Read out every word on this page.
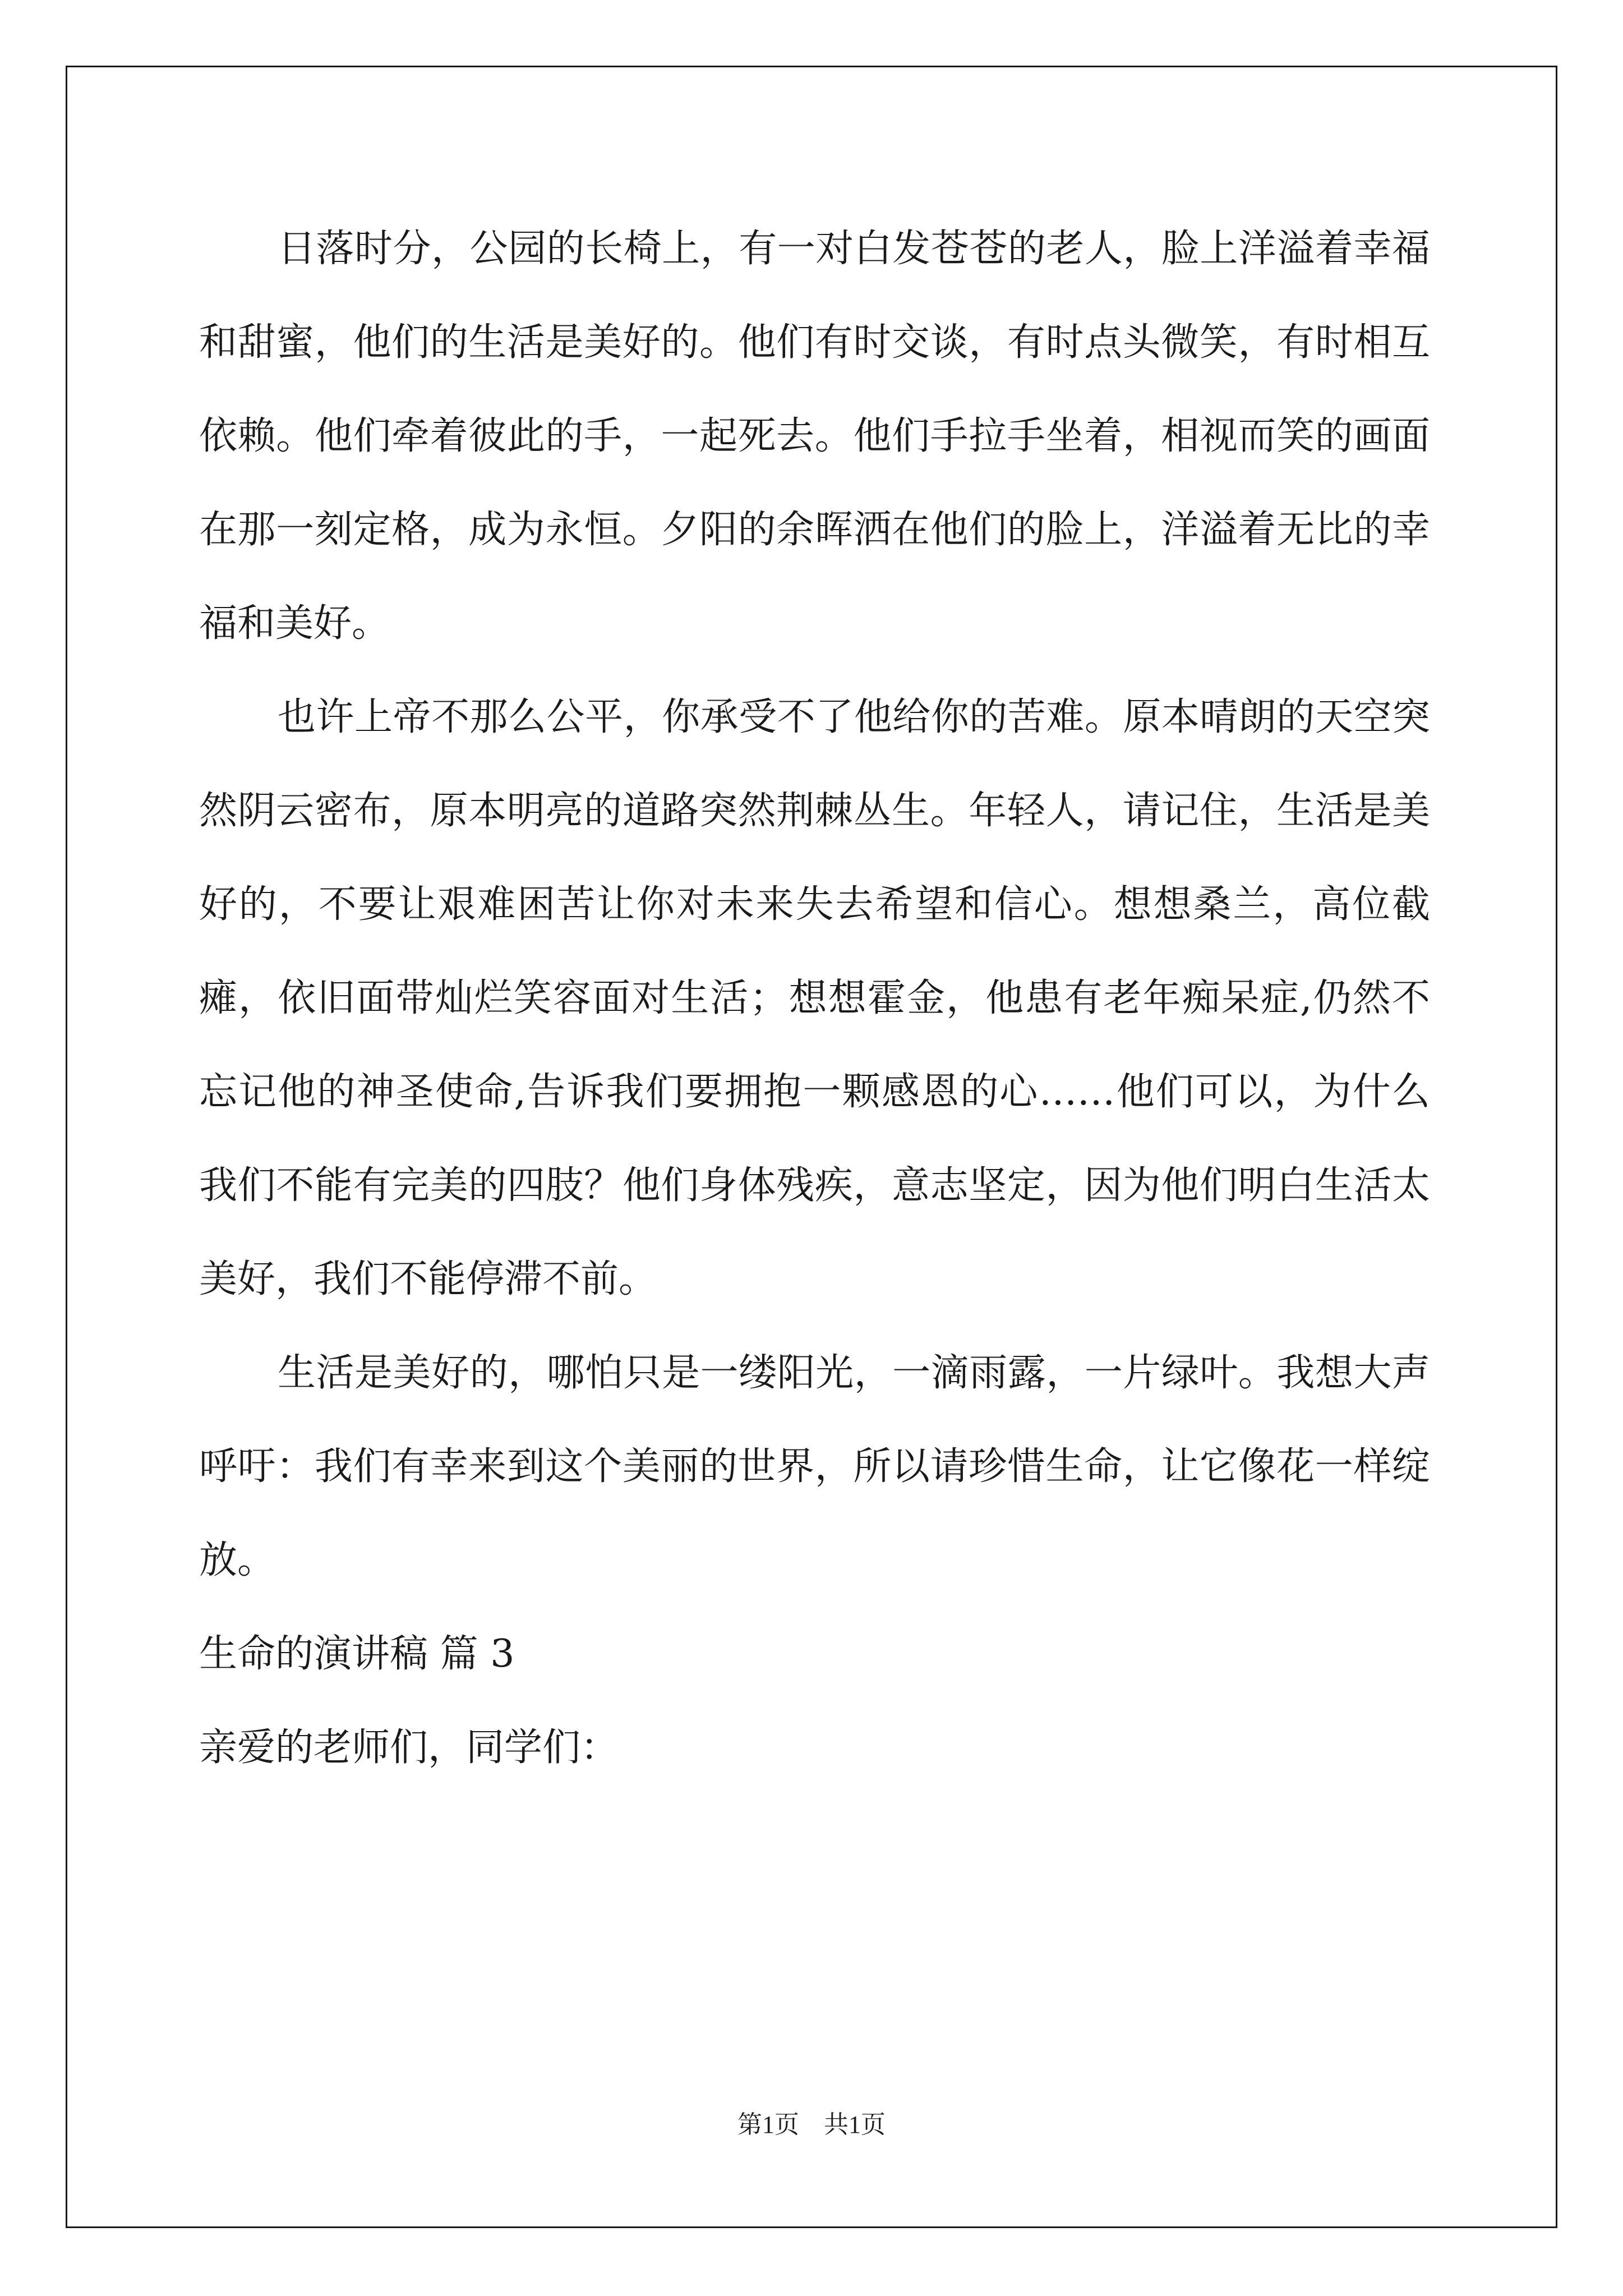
日落时分，公园的长椅上，有一对白发苍苍的老人，脸上洋溢着幸福和甜蜜，他们的生活是美好的。他们有时交谈，有时点头微笑，有时相互依赖。他们牵着彼此的手，一起死去。他们手拉手坐着，相视而笑的画面在那一刻定格，成为永恒。夕阳的余晖洒在他们的脸上，洋溢着无比的幸福和美好。

也许上帝不那么公平，你承受不了他给你的苦难。原本晴朗的天空突然阴云密布，原本明亮的道路突然荆棘丛生。年轻人，请记住，生活是美好的，不要让艰难困苦让你对未来失去希望和信心。想想桑兰，高位截瘫，依旧面带灿烂笑容面对生活；想想霍金，他患有老年痴呆症,仍然不忘记他的神圣使命,告诉我们要拥抱一颗感恩的心……他们可以，为什么我们不能有完美的四肢？他们身体残疾，意志坚定，因为他们明白生活太美好，我们不能停滞不前。

生活是美好的，哪怕只是一缕阳光，一滴雨露，一片绿叶。我想大声呼吁：我们有幸来到这个美丽的世界，所以请珍惜生命，让它像花一样绽放。

生命的演讲稿 篇 3

亲爱的老师们，同学们：

第1页　共1页
